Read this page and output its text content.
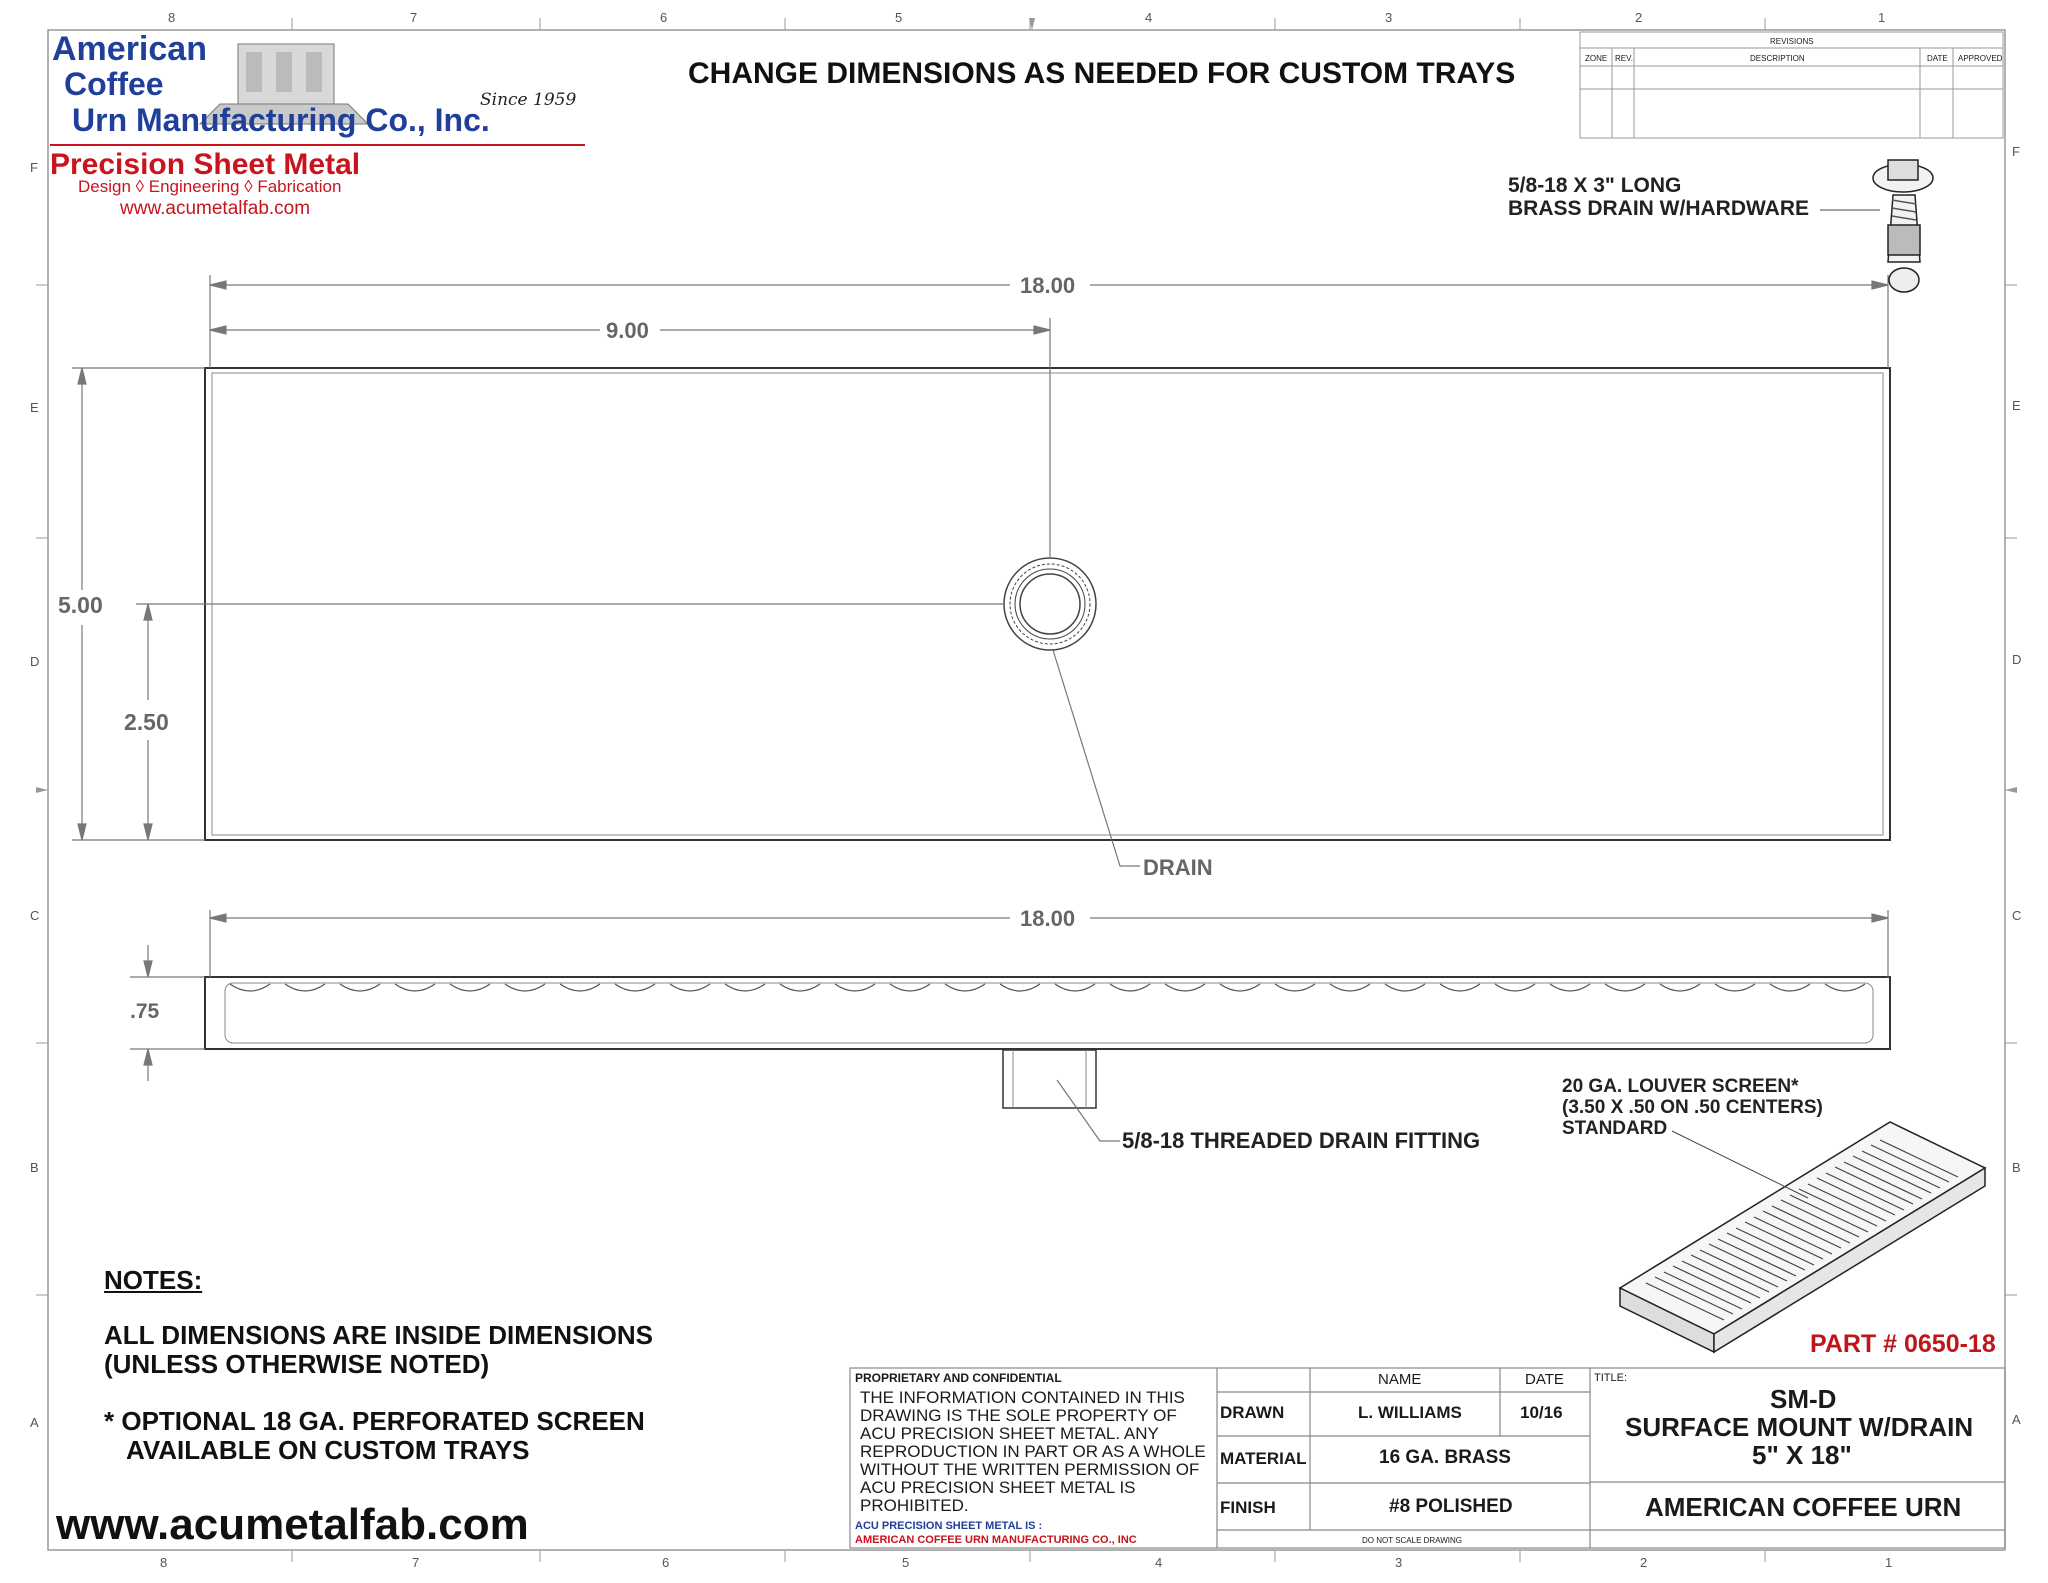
8	7	6	5	4	3	2	1
8	7	6	5	4	3	2	1
F
E
D
C
B
A
F
E
D
C
B
A
American
Coffee
Urn Manufacturing Co., Inc.
Since 1959
Precision Sheet Metal
Design ◊ Engineering ◊ Fabrication
www.acumetalfab.com
CHANGE DIMENSIONS AS NEEDED FOR CUSTOM TRAYS
REVISIONS
ZONE REV.	DESCRIPTION	DATE APPROVED
5/8-18 X 3" LONG
BRASS DRAIN W/HARDWARE
18.00
9.00
5.00
2.50
18.00
.75
DRAIN
5/8-18 THREADED DRAIN FITTING
20 GA. LOUVER SCREEN*
(3.50 X .50 ON .50 CENTERS)
STANDARD
NOTES:
ALL DIMENSIONS ARE INSIDE DIMENSIONS
(UNLESS OTHERWISE NOTED)
* OPTIONAL 18 GA. PERFORATED SCREEN
AVAILABLE ON CUSTOM TRAYS
www.acumetalfab.com
PART # 0650-18
PROPRIETARY AND CONFIDENTIAL
THE INFORMATION CONTAINED IN THIS
DRAWING IS THE SOLE PROPERTY OF
ACU PRECISION SHEET METAL. ANY
REPRODUCTION IN PART OR AS A WHOLE
WITHOUT THE WRITTEN PERMISSION OF
ACU PRECISION SHEET METAL IS
PROHIBITED.
ACU PRECISION SHEET METAL IS :
AMERICAN COFFEE URN MANUFACTURING CO., INC
NAME	DATE
DRAWN	L. WILLIAMS	10/16
MATERIAL	16 GA. BRASS
FINISH	#8 POLISHED
DO NOT SCALE DRAWING
TITLE:
SM-D
SURFACE MOUNT W/DRAIN
5" X 18"
AMERICAN COFFEE URN
